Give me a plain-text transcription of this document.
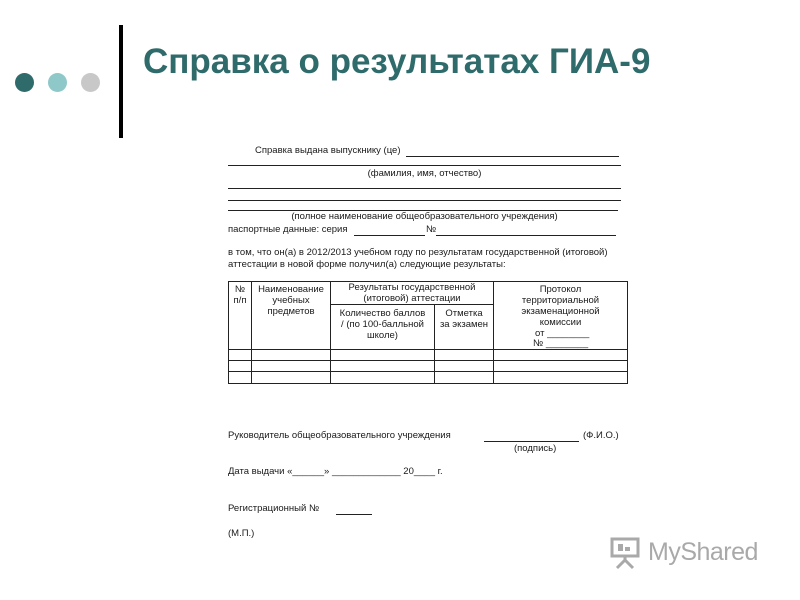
Справка о результатах ГИА-9
Справка выдана выпускнику (це)
(фамилия, имя, отчество)
(полное наименование общеобразовательного учреждения)
паспортные данные: серия	№
в том, что он(а) в 2012/2013 учебном году по результатам государственной (итоговой)
аттестации в новой форме получил(а) следующие результаты:
№
п/п
Наименование
учебных
предметов
Результаты государственной
(итоговой) аттестации
Количество баллов
/ (по 100-балльной
школе)
Отметка
за экзамен
Протокол
территориальной
экзаменационной
комиссии
от ________
№ ________
Руководитель общеобразовательного учреждения	(Ф.И.О.)
(подпись)
Дата выдачи «______» _____________ 20____ г.
Регистрационный №
(М.П.)
MyShared
